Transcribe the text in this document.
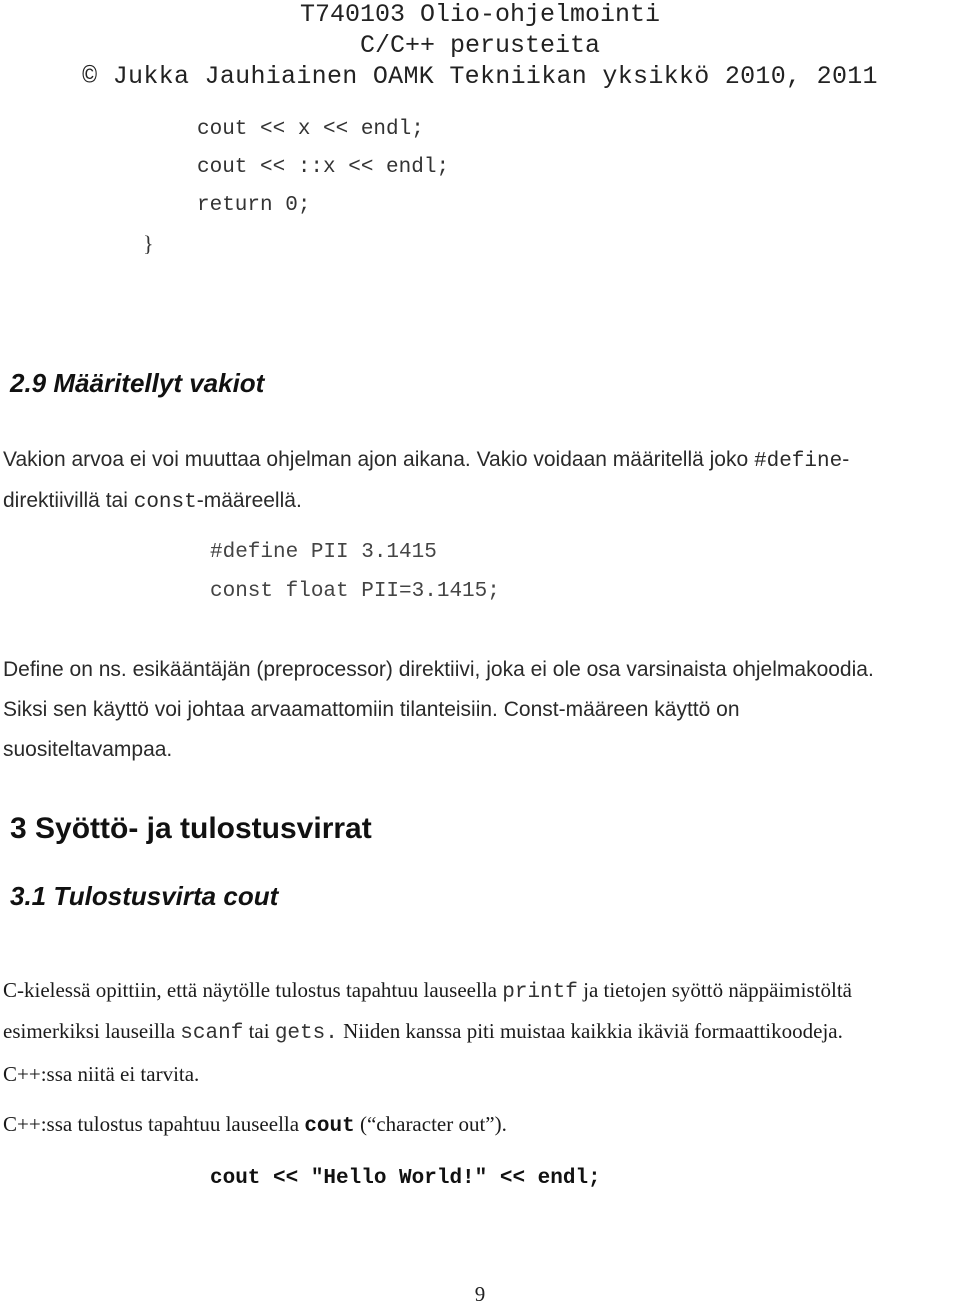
T740103 Olio-ohjelmointi
C/C++ perusteita
© Jukka Jauhiainen OAMK Tekniikan yksikkö 2010, 2011
cout << x << endl;
cout << ::x << endl;
return 0;
}
2.9 Määritellyt vakiot
Vakion arvoa ei voi muuttaa ohjelman ajon aikana. Vakio voidaan määritellä joko #define-
direktiivillä tai const-määreellä.
#define PII 3.1415
const float PII=3.1415;
Define on ns. esikääntäjän (preprocessor) direktiivi, joka ei ole osa varsinaista ohjelmakoodia.
Siksi sen käyttö voi johtaa arvaamattomiin tilanteisiin. Const-määreen käyttö on
suositeltavampaa.
3 Syöttö- ja tulostusvirrat
3.1 Tulostusvirta cout
C-kielessä opittiin, että näytölle tulostus tapahtuu lauseella printf ja tietojen syöttö näppäimistöltä
esimerkiksi lauseilla scanf tai gets. Niiden kanssa piti muistaa kaikkia ikäviä formaattikoodeja.
C++:ssa niitä ei tarvita.
C++:ssa tulostus tapahtuu lauseella cout (“character out”).
cout << "Hello World!" << endl;
9
